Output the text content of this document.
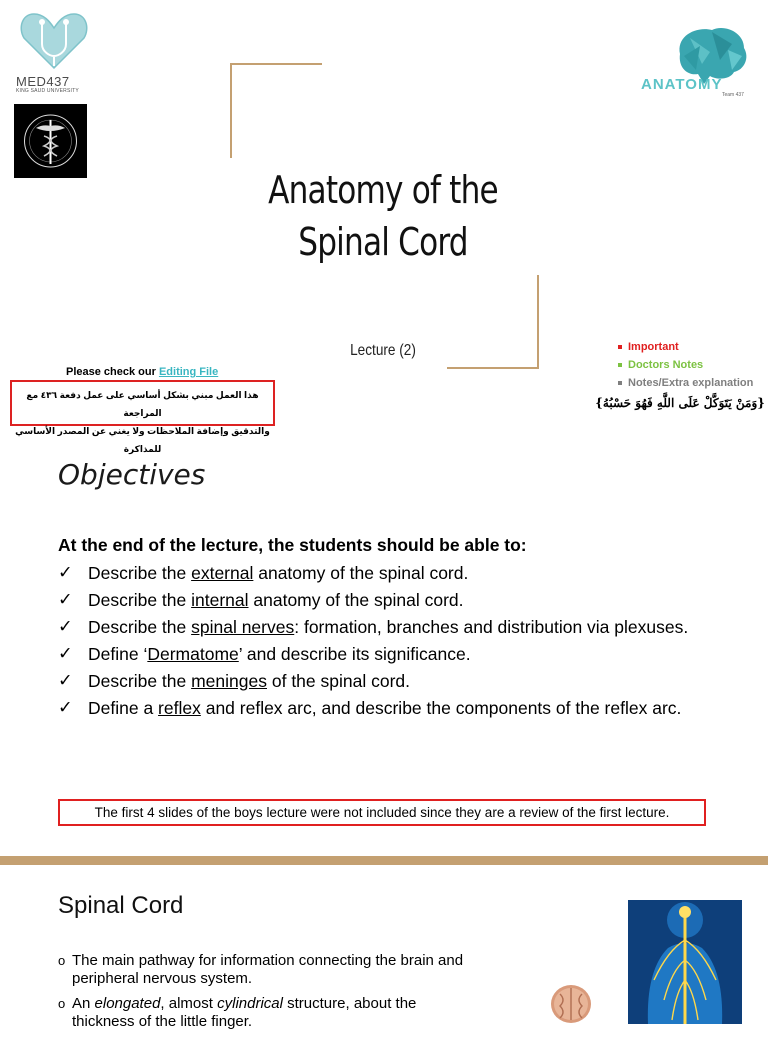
MED437
KING SAUD UNIVERSITY	ANATOMY
Team 437
Anatomy of the
Spinal Cord
Lecture (2)	Important
Doctors Notes
Notes/Extra explanation
{وَمَنْ يَتَوَكَّلْ عَلَى اللَّهِ فَهُوَ حَسْبُهُ}
Please check our Editing File
هذا العمل مبني بشكل أساسي على عمل دفعة ٤٣٦ مع المراجعة
والتدقيق وإضافة الملاحظات ولا يغني عن المصدر الأساسي للمذاكرة
Objectives
At the end of the lecture, the students should be able to:
✓ Describe the external anatomy of the spinal cord.
✓ Describe the internal anatomy of the spinal cord.
✓ Describe the spinal nerves: formation, branches and distribution via plexuses.
✓ Define ‘Dermatome’ and describe its significance.
✓ Describe the meninges of the spinal cord.
✓ Define a reflex and reflex arc, and describe the components of the reflex arc.
The first 4 slides of the boys lecture were not included since they are a review of the first lecture.
Spinal Cord
o The main pathway for information connecting the brain and peripheral nervous system.
o An elongated, almost cylindrical structure, about the thickness of the little finger.
